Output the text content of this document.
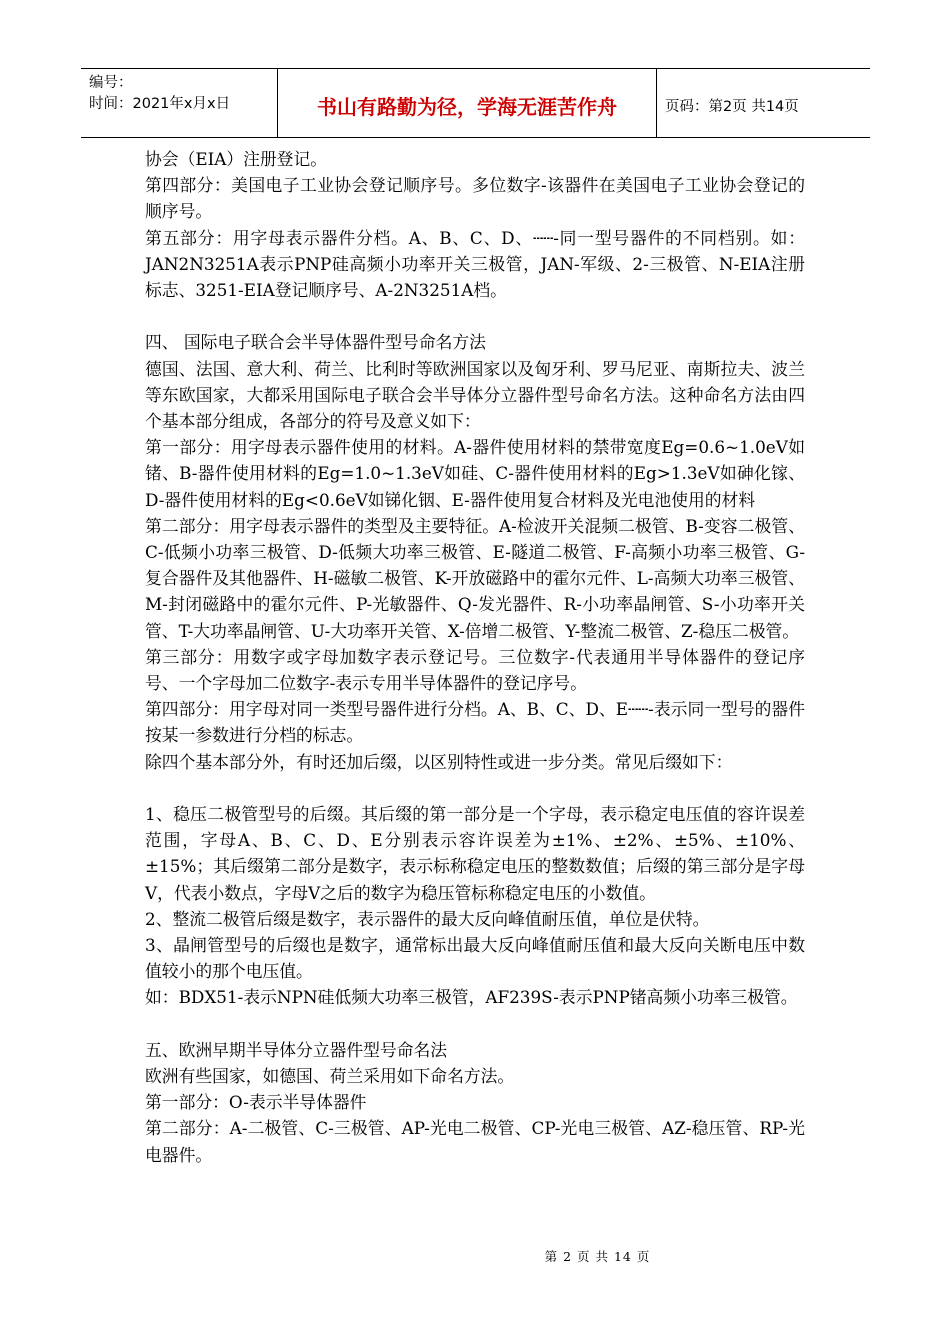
编号：
时间：2021年x月x日	书山有路勤为径，学海无涯苦作舟	页码：第2页 共14页

协会（EIA）注册登记。

第四部分：美国电子工业协会登记顺序号。多位数字-该器件在美国电子工业协会登记的顺序号。

第五部分：用字母表示器件分档。A、B、C、D、┄┄-同一型号器件的不同档别。如：JAN2N3251A表示PNP硅高频小功率开关三极管，JAN-军级、2-三极管、N-EIA注册标志、3251-EIA登记顺序号、A-2N3251A档。

四、 国际电子联合会半导体器件型号命名方法

德国、法国、意大利、荷兰、比利时等欧洲国家以及匈牙利、罗马尼亚、南斯拉夫、波兰等东欧国家，大都采用国际电子联合会半导体分立器件型号命名方法。这种命名方法由四个基本部分组成，各部分的符号及意义如下：

第一部分：用字母表示器件使用的材料。A-器件使用材料的禁带宽度Eg=0.6~1.0eV如锗、B-器件使用材料的Eg=1.0~1.3eV如硅、C-器件使用材料的Eg>1.3eV如砷化镓、D-器件使用材料的Eg<0.6eV如锑化铟、E-器件使用复合材料及光电池使用的材料

第二部分：用字母表示器件的类型及主要特征。A-检波开关混频二极管、B-变容二极管、C-低频小功率三极管、D-低频大功率三极管、E-隧道二极管、F-高频小功率三极管、G-复合器件及其他器件、H-磁敏二极管、K-开放磁路中的霍尔元件、L-高频大功率三极管、M-封闭磁路中的霍尔元件、P-光敏器件、Q-发光器件、R-小功率晶闸管、S-小功率开关管、T-大功率晶闸管、U-大功率开关管、X-倍增二极管、Y-整流二极管、Z-稳压二极管。

第三部分：用数字或字母加数字表示登记号。三位数字-代表通用半导体器件的登记序号、一个字母加二位数字-表示专用半导体器件的登记序号。

第四部分：用字母对同一类型号器件进行分档。A、B、C、D、E┄┄-表示同一型号的器件按某一参数进行分档的标志。

除四个基本部分外，有时还加后缀，以区别特性或进一步分类。常见后缀如下：

1、稳压二极管型号的后缀。其后缀的第一部分是一个字母，表示稳定电压值的容许误差范围，字母A、B、C、D、E分别表示容许误差为±1%、±2%、±5%、±10%、±15%；其后缀第二部分是数字，表示标称稳定电压的整数数值；后缀的第三部分是字母V，代表小数点，字母V之后的数字为稳压管标称稳定电压的小数值。

2、整流二极管后缀是数字，表示器件的最大反向峰值耐压值，单位是伏特。

3、晶闸管型号的后缀也是数字，通常标出最大反向峰值耐压值和最大反向关断电压中数值较小的那个电压值。

如：BDX51-表示NPN硅低频大功率三极管，AF239S-表示PNP锗高频小功率三极管。

五、欧洲早期半导体分立器件型号命名法

欧洲有些国家，如德国、荷兰采用如下命名方法。

第一部分：O-表示半导体器件

第二部分：A-二极管、C-三极管、AP-光电二极管、CP-光电三极管、AZ-稳压管、RP-光电器件。

第 2 页 共 14 页
